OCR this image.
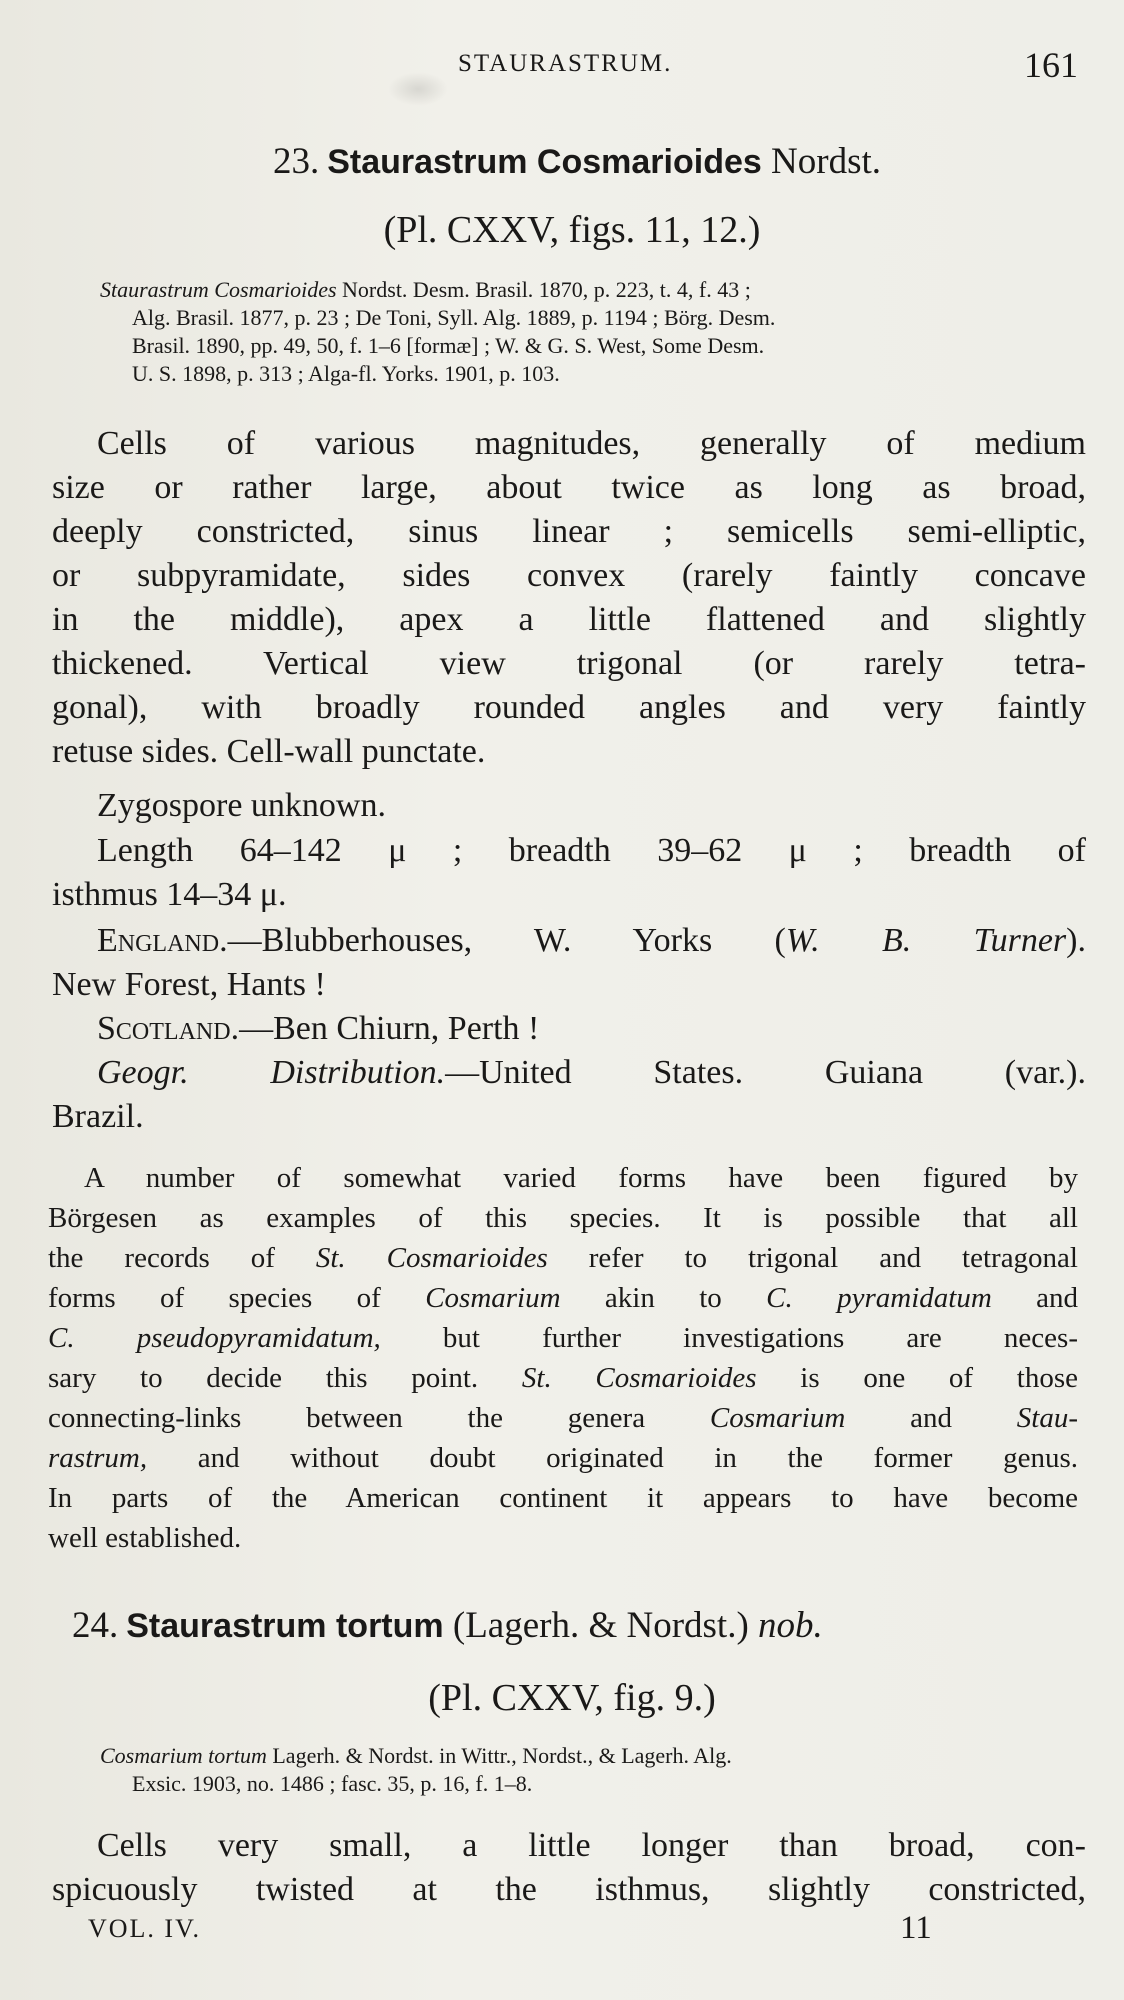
STAURASTRUM.	161
23. Staurastrum Cosmarioides Nordst.
(Pl. CXXV, figs. 11, 12.)
Staurastrum Cosmarioides Nordst. Desm. Brasil. 1870, p. 223, t. 4, f. 43 ;
Alg. Brasil. 1877, p. 23 ; De Toni, Syll. Alg. 1889, p. 1194 ; Börg. Desm.
Brasil. 1890, pp. 49, 50, f. 1–6 [formæ] ; W. & G. S. West, Some Desm.
U. S. 1898, p. 313 ; Alga-fl. Yorks. 1901, p. 103.
Cells of various magnitudes, generally of medium
size or rather large, about twice as long as broad,
deeply constricted, sinus linear ; semicells semi-elliptic,
or subpyramidate, sides convex (rarely faintly concave
in the middle), apex a little flattened and slightly
thickened. Vertical view trigonal (or rarely tetra-
gonal), with broadly rounded angles and very faintly
retuse sides. Cell-wall punctate.
Zygospore unknown.
Length 64–142 μ ; breadth 39–62 μ ; breadth of
isthmus 14–34 μ.
England.—Blubberhouses, W. Yorks (W. B. Turner).
New Forest, Hants !
Scotland.—Ben Chiurn, Perth !
Geogr. Distribution.—United States. Guiana (var.).
Brazil.
A number of somewhat varied forms have been figured by
Börgesen as examples of this species. It is possible that all
the records of St. Cosmarioides refer to trigonal and tetragonal
forms of species of Cosmarium akin to C. pyramidatum and
C. pseudopyramidatum, but further investigations are neces-
sary to decide this point. St. Cosmarioides is one of those
connecting-links between the genera Cosmarium and Stau-
rastrum, and without doubt originated in the former genus.
In parts of the American continent it appears to have become
well established.
24. Staurastrum tortum (Lagerh. & Nordst.) nob.
(Pl. CXXV, fig. 9.)
Cosmarium tortum Lagerh. & Nordst. in Wittr., Nordst., & Lagerh. Alg.
Exsic. 1903, no. 1486 ; fasc. 35, p. 16, f. 1–8.
Cells very small, a little longer than broad, con-
spicuously twisted at the isthmus, slightly constricted,
VOL. IV.	11
